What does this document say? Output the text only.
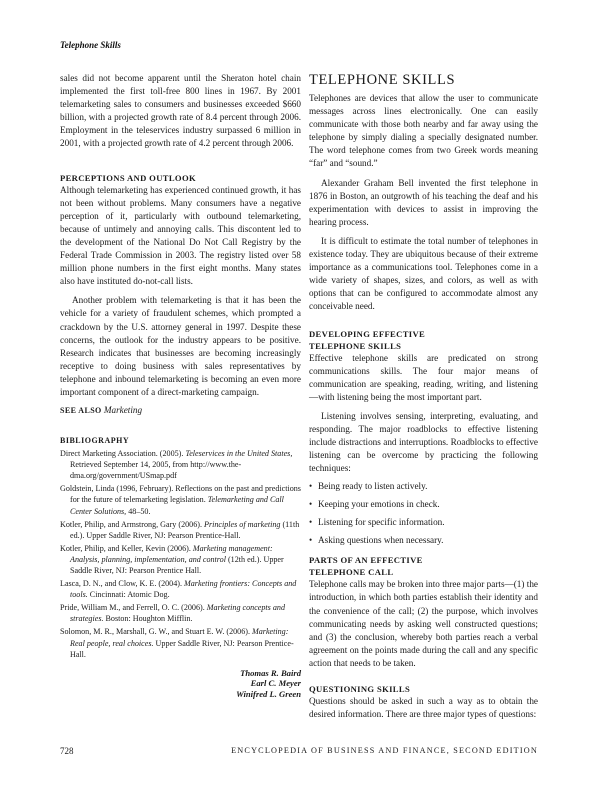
Telephone Skills

sales did not become apparent until the Sheraton hotel chain implemented the first toll-free 800 lines in 1967. By 2001 telemarketing sales to consumers and businesses exceeded $660 billion, with a projected growth rate of 8.4 percent through 2006. Employment in the teleservices industry surpassed 6 million in 2001, with a projected growth rate of 4.2 percent through 2006.

PERCEPTIONS AND OUTLOOK

Although telemarketing has experienced continued growth, it has not been without problems. Many consumers have a negative perception of it, particularly with outbound telemarketing, because of untimely and annoying calls. This discontent led to the development of the National Do Not Call Registry by the Federal Trade Commission in 2003. The registry listed over 58 million phone numbers in the first eight months. Many states also have instituted do-not-call lists.

Another problem with telemarketing is that it has been the vehicle for a variety of fraudulent schemes, which prompted a crackdown by the U.S. attorney general in 1997. Despite these concerns, the outlook for the industry appears to be positive. Research indicates that businesses are becoming increasingly receptive to doing business with sales representatives by telephone and inbound telemarketing is becoming an even more important component of a direct-marketing campaign.

SEE ALSO Marketing
BIBLIOGRAPHY
Direct Marketing Association. (2005). Teleservices in the United States, Retrieved September 14, 2005, from http://www.the-dma.org/government/USmap.pdf
Goldstein, Linda (1996, February). Reflections on the past and predictions for the future of telemarketing legislation. Telemarketing and Call Center Solutions, 48–50.
Kotler, Philip, and Armstrong, Gary (2006). Principles of marketing (11th ed.). Upper Saddle River, NJ: Pearson Prentice-Hall.
Kotler, Philip, and Keller, Kevin (2006). Marketing management: Analysis, planning, implementation, and control (12th ed.). Upper Saddle River, NJ: Pearson Prentice Hall.
Lasca, D. N., and Clow, K. E. (2004). Marketing frontiers: Concepts and tools. Cincinnati: Atomic Dog.
Pride, William M., and Ferrell, O. C. (2006). Marketing concepts and strategies. Boston: Houghton Mifflin.
Solomon, M. R., Marshall, G. W., and Stuart E. W. (2006). Marketing: Real people, real choices. Upper Saddle River, NJ: Pearson Prentice-Hall.
Thomas R. Baird
Earl C. Meyer
Winifred L. Green
TELEPHONE SKILLS

Telephones are devices that allow the user to communicate messages across lines electronically. One can easily communicate with those both nearby and far away using the telephone by simply dialing a specially designated number. The word telephone comes from two Greek words meaning “far” and “sound.”

Alexander Graham Bell invented the first telephone in 1876 in Boston, an outgrowth of his teaching the deaf and his experimentation with devices to assist in improving the hearing process.

It is difficult to estimate the total number of telephones in existence today. They are ubiquitous because of their extreme importance as a communications tool. Telephones come in a wide variety of shapes, sizes, and colors, as well as with options that can be configured to accommodate almost any conceivable need.

DEVELOPING EFFECTIVE
TELEPHONE SKILLS

Effective telephone skills are predicated on strong communications skills. The four major means of communication are speaking, reading, writing, and listening—with listening being the most important part.

Listening involves sensing, interpreting, evaluating, and responding. The major roadblocks to effective listening include distractions and interruptions. Roadblocks to effective listening can be overcome by practicing the following techniques:

• Being ready to listen actively.
• Keeping your emotions in check.
• Listening for specific information.
• Asking questions when necessary.
PARTS OF AN EFFECTIVE
TELEPHONE CALL

Telephone calls may be broken into three major parts—(1) the introduction, in which both parties establish their identity and the convenience of the call; (2) the purpose, which involves communicating needs by asking well constructed questions; and (3) the conclusion, whereby both parties reach a verbal agreement on the points made during the call and any specific action that needs to be taken.

QUESTIONING SKILLS

Questions should be asked in such a way as to obtain the desired information. There are three major types of questions:

728	ENCYCLOPEDIA OF BUSINESS AND FINANCE, SECOND EDITION
